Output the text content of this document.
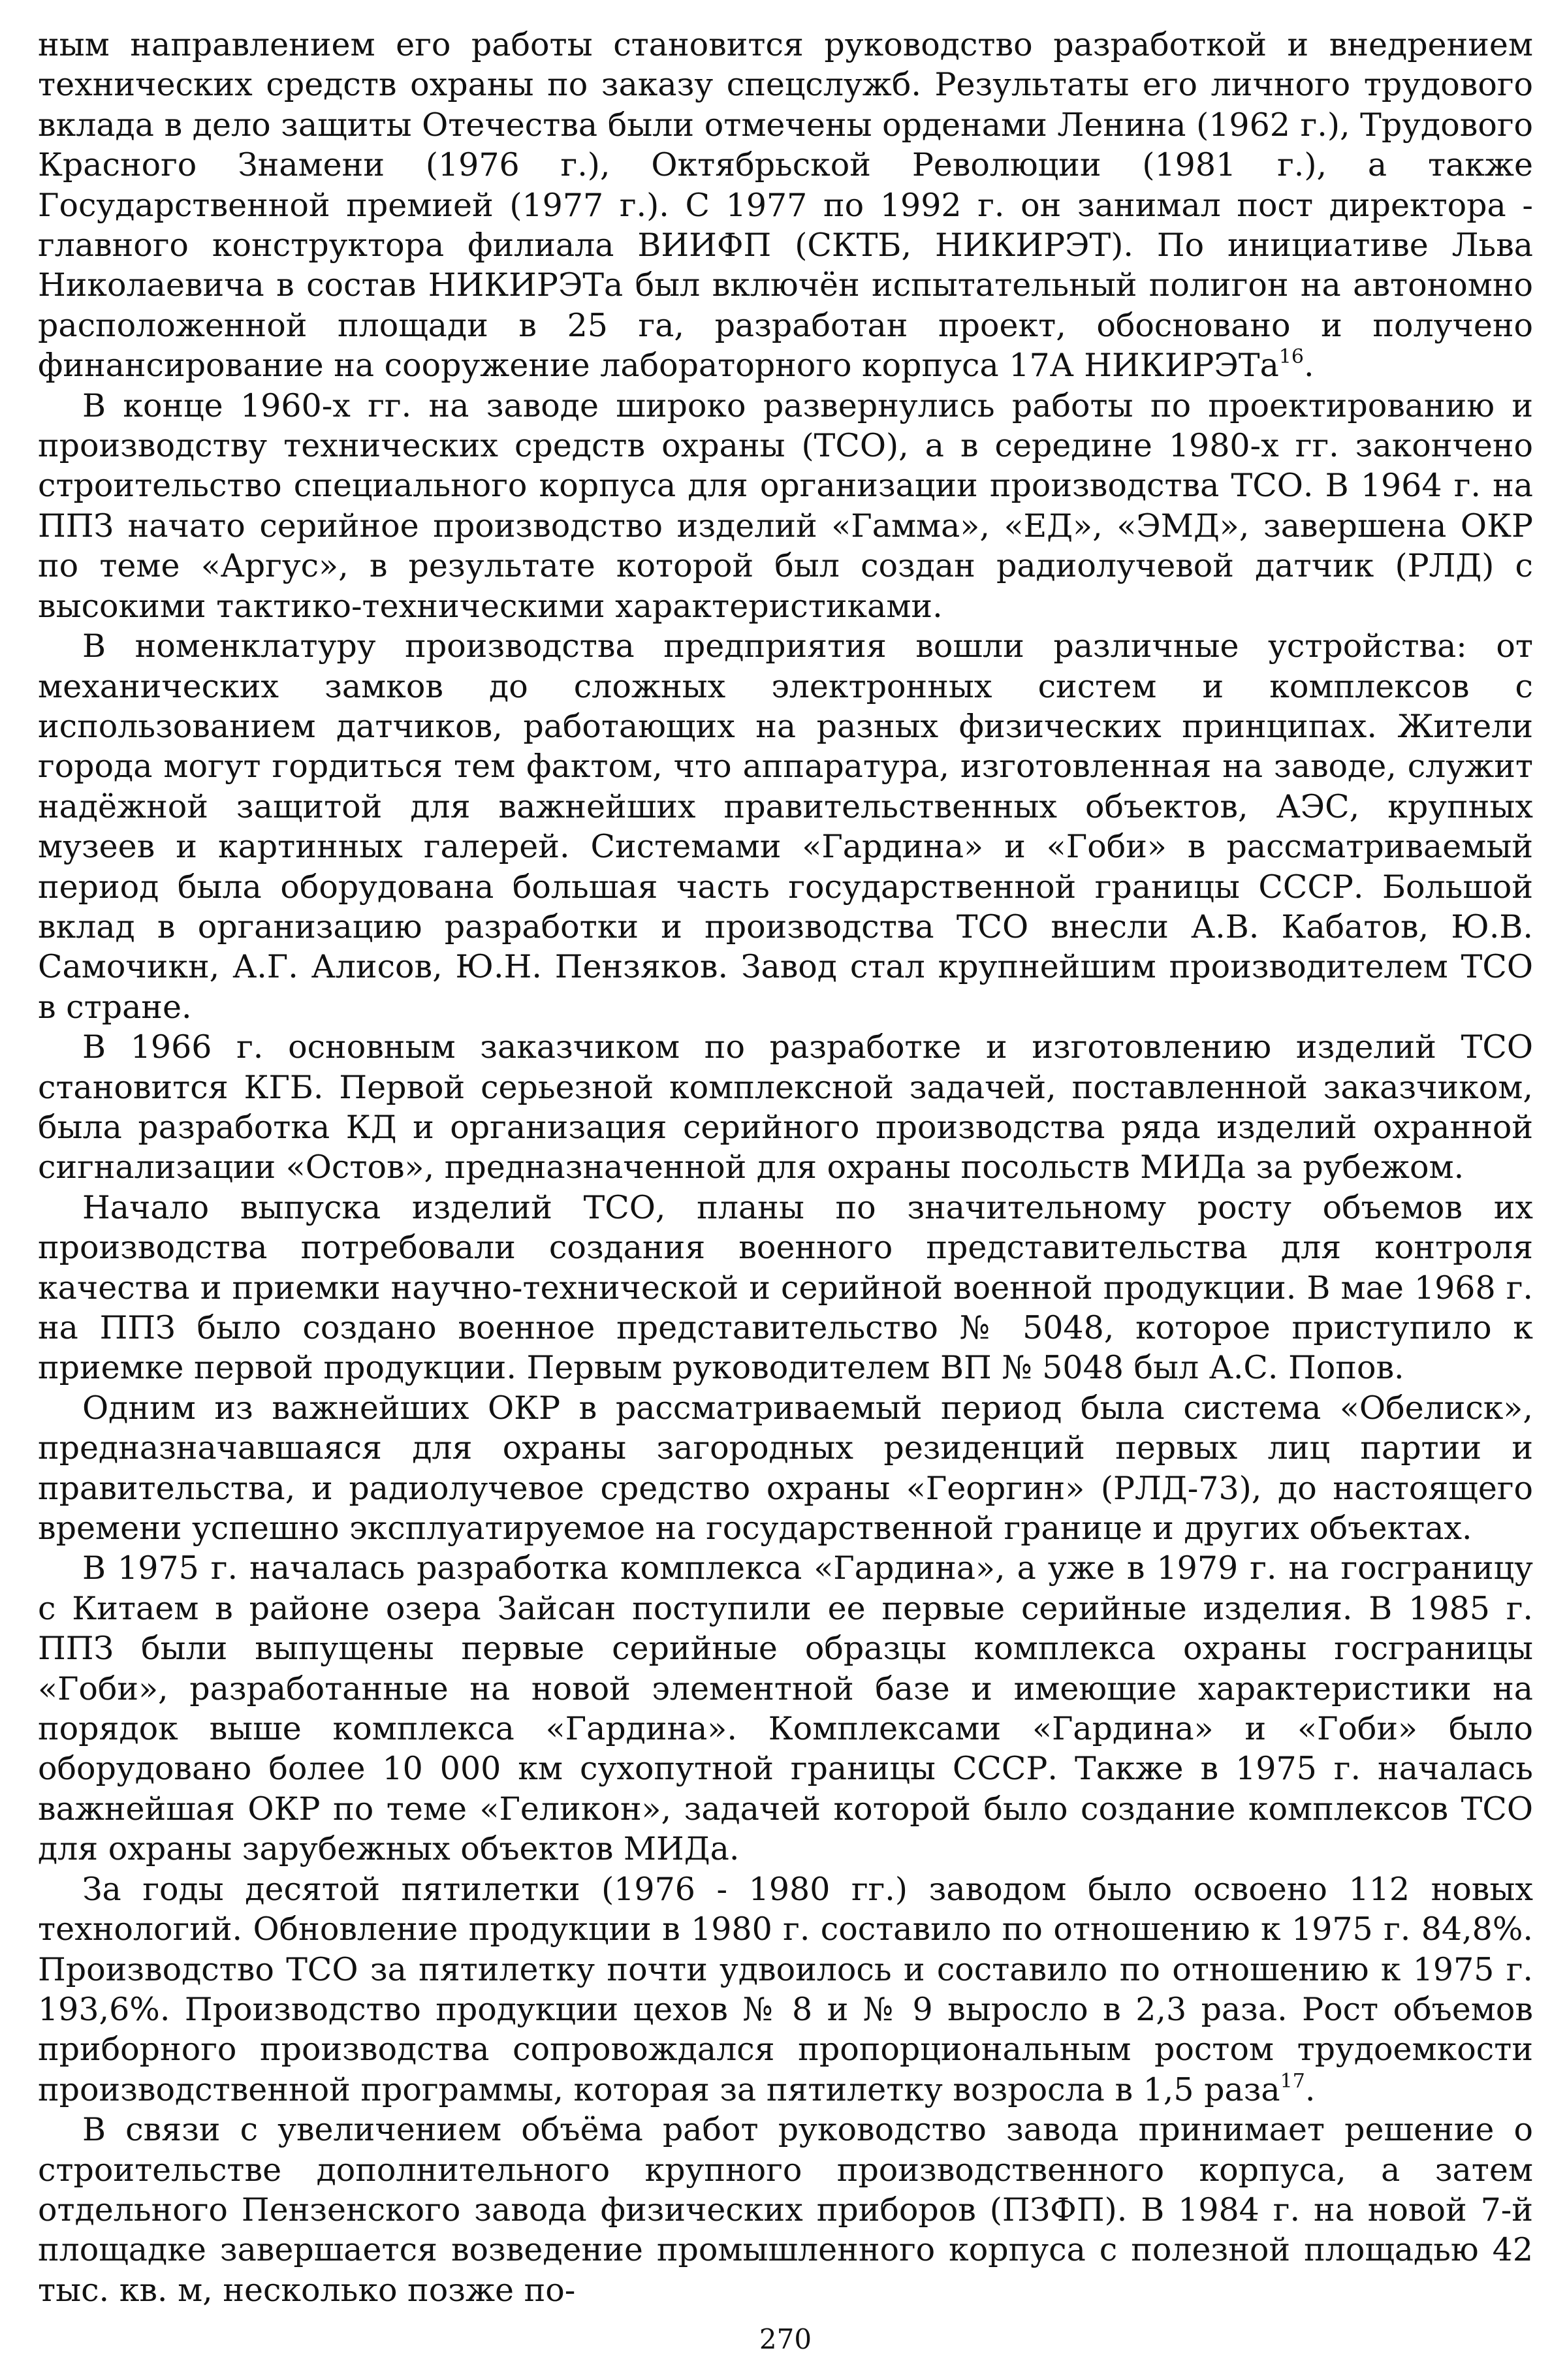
ным направлением его работы становится руководство разработкой и внедрением технических средств охраны по заказу спецслужб. Результаты его личного трудового вклада в дело защиты Отечества были отмечены орденами Ленина (1962 г.), Трудового Красного Знамени (1976 г.), Октябрьской Революции (1981 г.), а также Государственной премией (1977 г.). С 1977 по 1992 г. он занимал пост директора - главного конструктора филиала ВИИФП (СКТБ, НИКИРЭТ). По инициативе Льва Николаевича в состав НИКИРЭТа был включён испытательный полигон на автономно расположенной площади в 25 га, разработан проект, обосновано и получено финансирование на сооружение лабораторного корпуса 17А НИКИРЭТа$^{16}$.

В конце 1960-х гг. на заводе широко развернулись работы по проектированию и производству технических средств охраны (ТСО), а в середине 1980-х гг. закончено строительство специального корпуса для организации производства ТСО. В 1964 г. на ППЗ начато серийное производство изделий «Гамма», «ЕД», «ЭМД», завершена ОКР по теме «Аргус», в результате которой был создан радиолучевой датчик (РЛД) с высокими тактико-техническими характеристиками.

В номенклатуру производства предприятия вошли различные устройства: от механических замков до сложных электронных систем и комплексов с использованием датчиков, работающих на разных физических принципах. Жители города могут гордиться тем фактом, что аппаратура, изготовленная на заводе, служит надёжной защитой для важнейших правительственных объектов, АЭС, крупных музеев и картинных галерей. Системами «Гардина» и «Гоби» в рассматриваемый период была оборудована большая часть государственной границы СССР. Большой вклад в организацию разработки и производства ТСО внесли А.В. Кабатов, Ю.В. Самочикн, А.Г. Алисов, Ю.Н. Пензяков. Завод стал крупнейшим производителем ТСО в стране.

В 1966 г. основным заказчиком по разработке и изготовлению изделий ТСО становится КГБ. Первой серьезной комплексной задачей, поставленной заказчиком, была разработка КД и организация серийного производства ряда изделий охранной сигнализации «Остов», предназначенной для охраны посольств МИДа за рубежом.

Начало выпуска изделий ТСО, планы по значительному росту объемов их производства потребовали создания военного представительства для контроля качества и приемки научно-технической и серийной военной продукции. В мае 1968 г. на ППЗ было создано военное представительство № 5048, которое приступило к приемке первой продукции. Первым руководителем ВП № 5048 был А.С. Попов.

Одним из важнейших ОКР в рассматриваемый период была система «Обелиск», предназначавшаяся для охраны загородных резиденций первых лиц партии и правительства, и радиолучевое средство охраны «Георгин» (РЛД-73), до настоящего времени успешно эксплуатируемое на государственной границе и других объектах.

В 1975 г. началась разработка комплекса «Гардина», а уже в 1979 г. на госграницу с Китаем в районе озера Зайсан поступили ее первые серийные изделия. В 1985 г. ППЗ были выпущены первые серийные образцы комплекса охраны госграницы «Гоби», разработанные на новой элементной базе и имеющие характеристики на порядок выше комплекса «Гардина». Комплексами «Гардина» и «Гоби» было оборудовано более 10 000 км сухопутной границы СССР. Также в 1975 г. началась важнейшая ОКР по теме «Геликон», задачей которой было создание комплексов ТСО для охраны зарубежных объектов МИДа.

За годы десятой пятилетки (1976 - 1980 гг.) заводом было освоено 112 новых технологий. Обновление продукции в 1980 г. составило по отношению к 1975 г. 84,8%. Производство ТСО за пятилетку почти удвоилось и составило по отношению к 1975 г. 193,6%. Производство продукции цехов № 8 и № 9 выросло в 2,3 раза. Рост объемов приборного производства сопровождался пропорциональным ростом трудоемкости производственной программы, которая за пятилетку возросла в 1,5 раза$^{17}$.

В связи с увеличением объёма работ руководство завода принимает решение о строительстве дополнительного крупного производственного корпуса, а затем отдельного Пензенского завода физических приборов (ПЗФП). В 1984 г. на новой 7-й площадке завершается возведение промышленного корпуса с полезной площадью 42 тыс. кв. м, несколько позже по-

270
